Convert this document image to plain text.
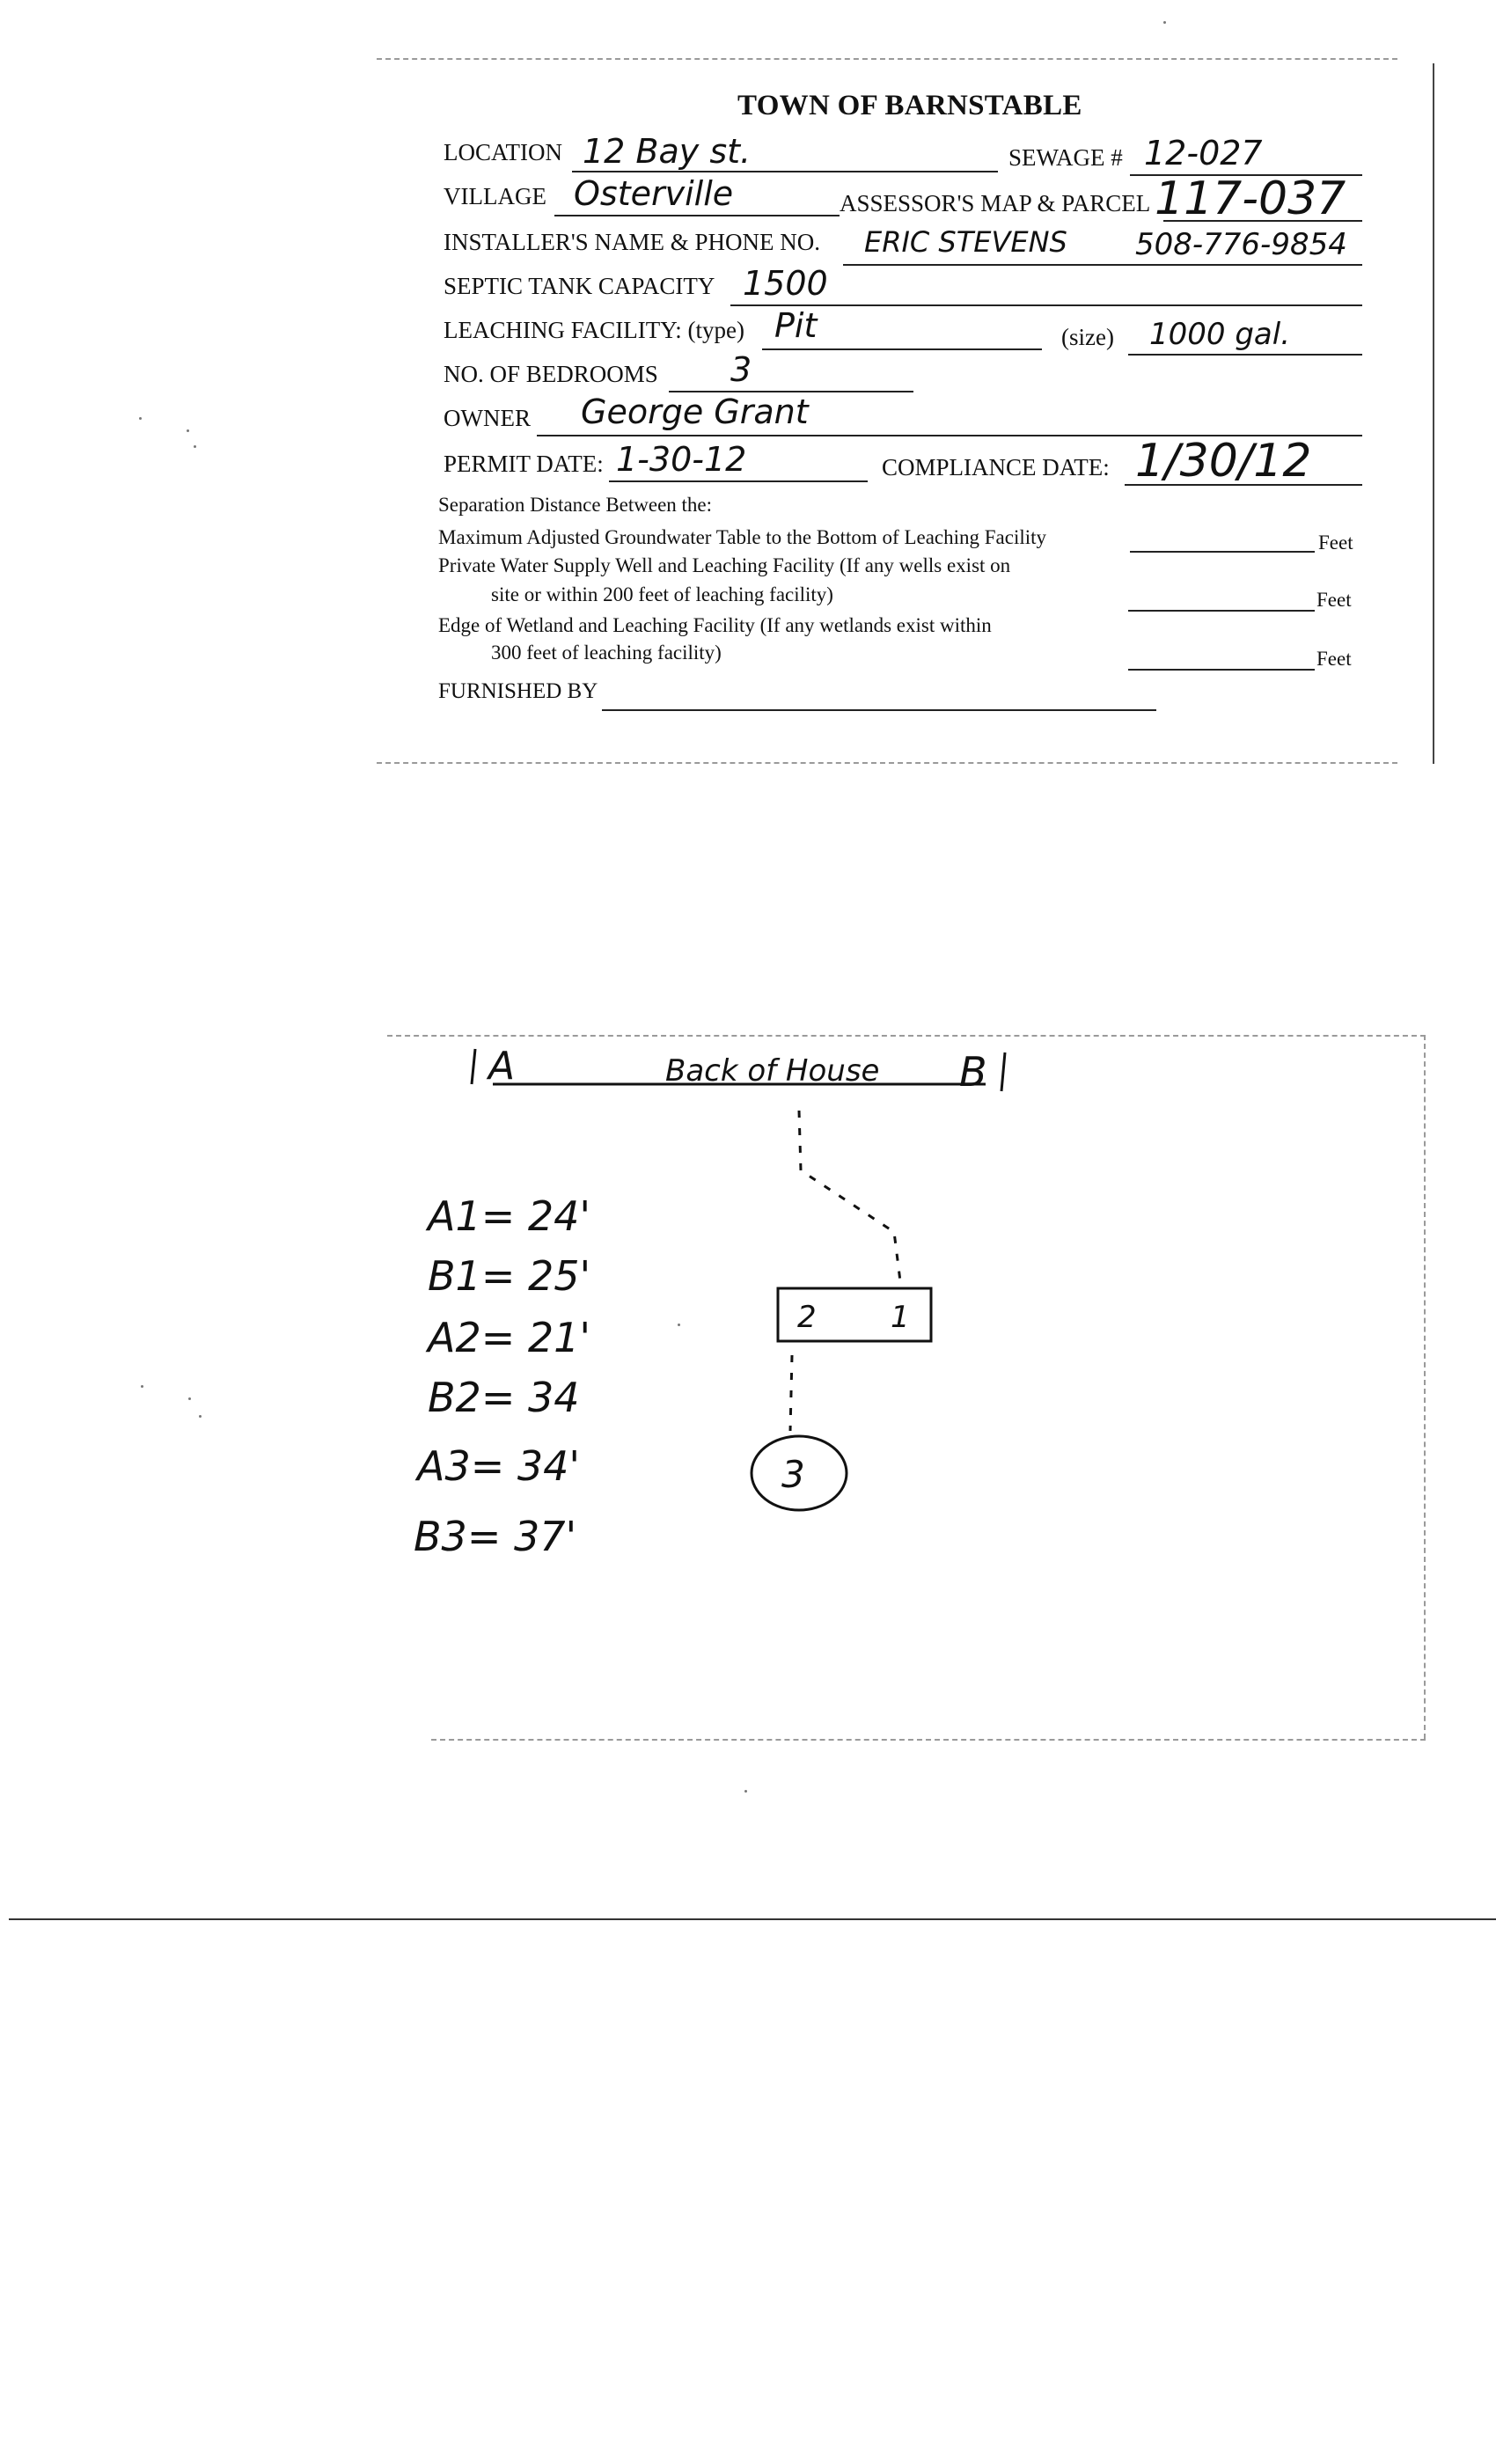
TOWN OF BARNSTABLE
LOCATION 12 Bay st.	SEWAGE # 12-027
VILLAGE Osterville	ASSESSOR'S MAP & PARCEL 117-037
INSTALLER'S NAME & PHONE NO. ERIC STEVENS 508-776-9854
SEPTIC TANK CAPACITY 1500
LEACHING FACILITY: (type) Pit	(size) 1000 gal.
NO. OF BEDROOMS 3
OWNER George Grant
PERMIT DATE: 1-30-12	COMPLIANCE DATE: 1/30/12
Separation Distance Between the:
Maximum Adjusted Groundwater Table to the Bottom of Leaching Facility	Feet
Private Water Supply Well and Leaching Facility (If any wells exist on
site or within 200 feet of leaching facility)	Feet
Edge of Wetland and Leaching Facility (If any wetlands exist within
300 feet of leaching facility)	Feet
FURNISHED BY
A	Back of House B
2 1
3
A1= 24'
B1= 25'
A2= 21'
B2= 34
A3= 34'
B3= 37'
